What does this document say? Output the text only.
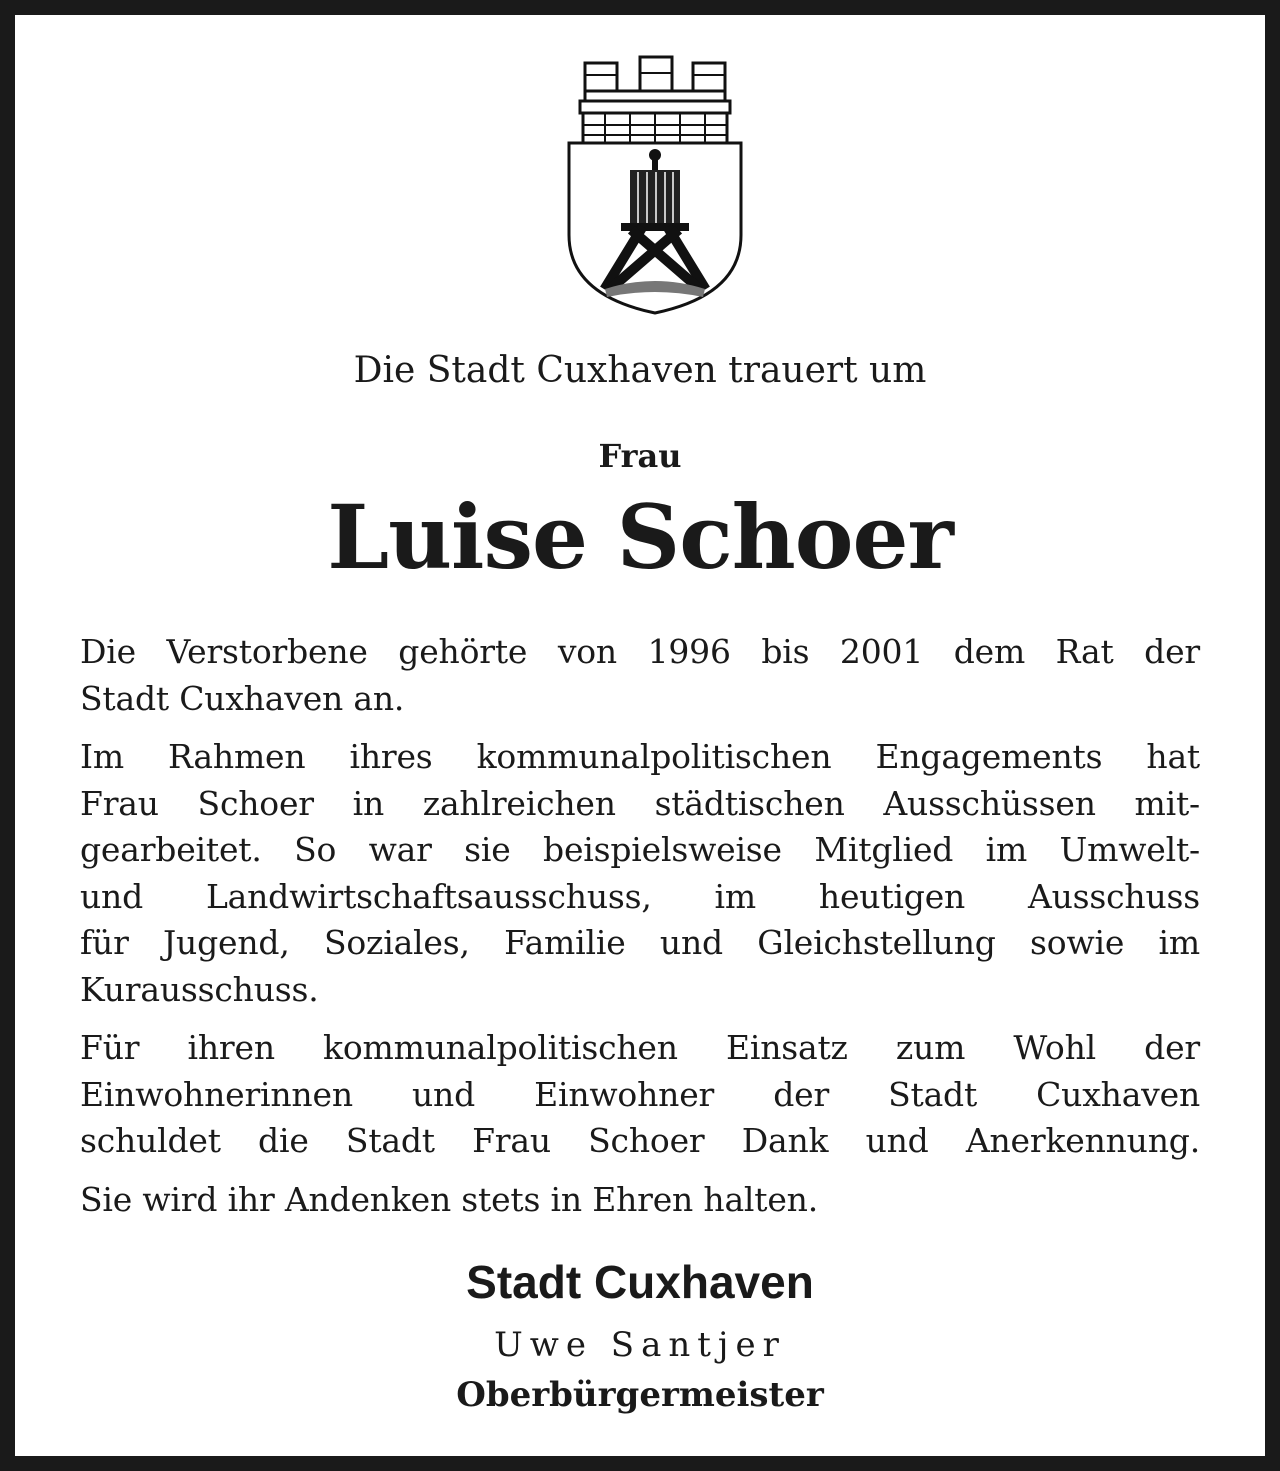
Die Stadt Cuxhaven trauert um
Frau
Luise Schoer
Die Verstorbene gehörte von 1996 bis 2001 dem Rat der
Stadt Cuxhaven an.
Im Rahmen ihres kommunalpolitischen Engagements hat
Frau Schoer in zahlreichen städtischen Ausschüssen mit-
gearbeitet. So war sie beispielsweise Mitglied im Umwelt-
und Landwirtschaftsausschuss, im heutigen Ausschuss
für Jugend, Soziales, Familie und Gleichstellung sowie im
Kurausschuss.
Für ihren kommunalpolitischen Einsatz zum Wohl der
Einwohnerinnen und Einwohner der Stadt Cuxhaven
schuldet die Stadt Frau Schoer Dank und Anerkennung.
Sie wird ihr Andenken stets in Ehren halten.
Stadt Cuxhaven
Uwe Santjer
Oberbürgermeister
